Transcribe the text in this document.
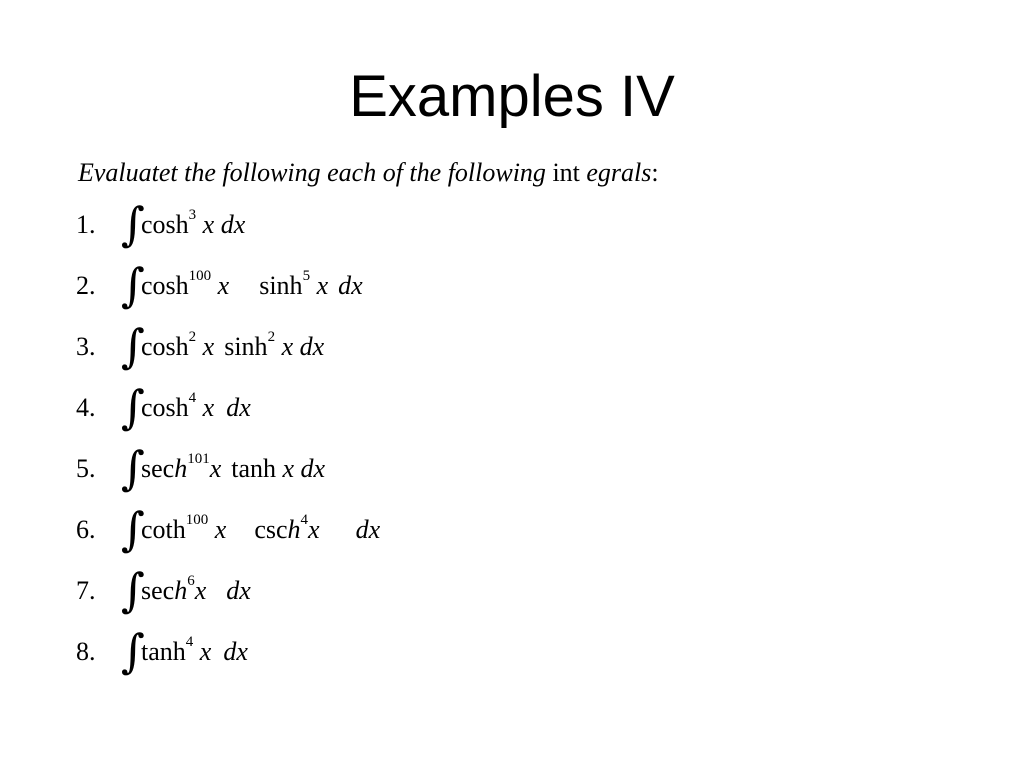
Examples IV
Evaluatet the following each of the following int egrals:
1. ∫
$\cosh^3 x$ dx
2. ∫
$\cosh^{100} x$ $\sinh^5 x$ dx
3. ∫
$\cosh^2 x$ $\sinh^2 x$ dx
4. ∫
$\cosh^4 x$ dx
5. ∫
sech$^{101}$x tanh x dx
6. ∫
coth$^{100}$ x csch$^4$x dx
7. ∫
sech$^6$x dx
8. ∫
$\tanh^4 x$ dx
